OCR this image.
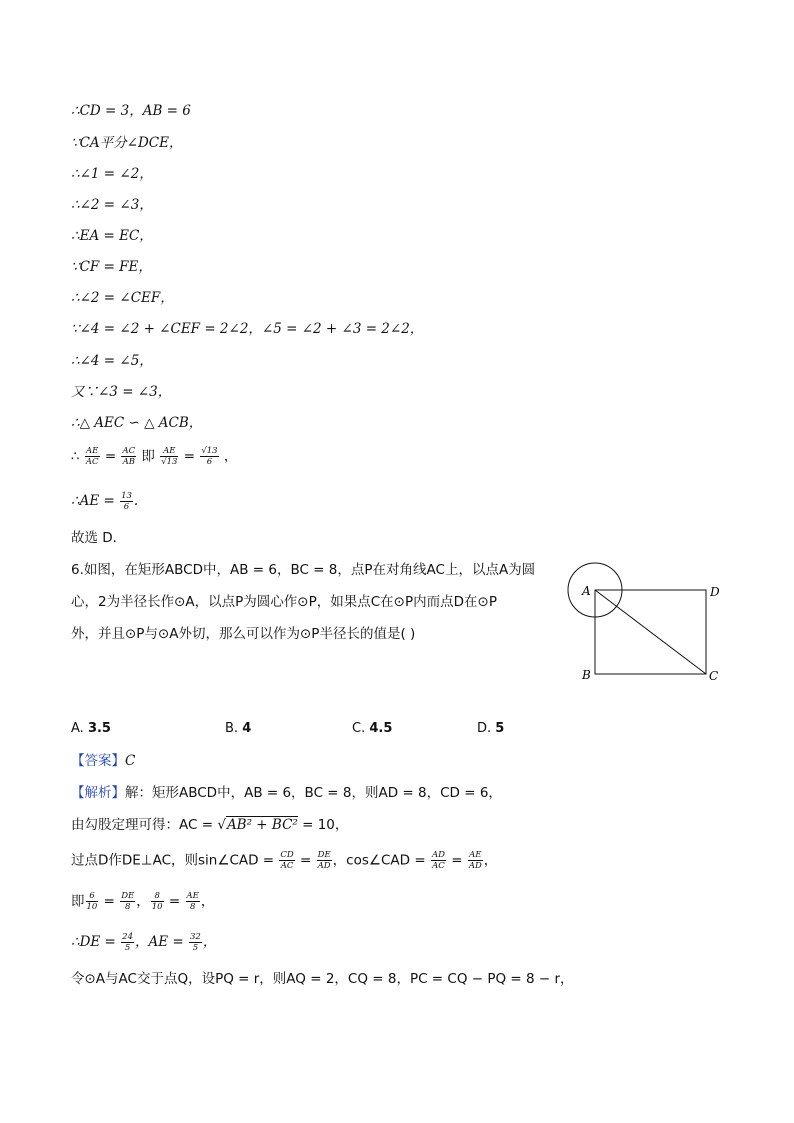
∴CD = 3，AB = 6
∵CA平分∠DCE，
∴∠1 = ∠2，
∴∠2 = ∠3，
∴EA = EC，
∵CF = FE，
∴∠2 = ∠CEF，
∵∠4 = ∠2 + ∠CEF = 2∠2，∠5 = ∠2 + ∠3 = 2∠2，
∴∠4 = ∠5，
又∵∠3 = ∠3，
∴△ AEC ∽ △ ACB，
∴ $\frac{AE}{AC} = \frac{AC}{AB}$ 即 $\frac{AE}{√13} = \frac{√13}{6}$ ，
∴AE = $\frac{13}{6}$ .
故选 D．
6.如图，在矩形ABCD中，AB = 6，BC = 8，点P在对角线AC上，以点A为圆
心，2为半径长作⊙A，以点P为圆心作⊙P，如果点C在⊙P内而点D在⊙P
外，并且⊙P与⊙A外切，那么可以作为⊙P半径长的值是( )
A	D
B	C
A. 3.5	B. 4	C. 4.5	D. 5
【答案】C
【解析】解：矩形ABCD中，AB = 6，BC = 8，则AD = 8，CD = 6，
由勾股定理可得：AC = √AB² + BC² = 10，
过点D作DE⊥AC，则sin∠CAD = $\frac{CD}{AC} = \frac{DE}{AD}$ ，cos∠CAD = $\frac{AD}{AC} = \frac{AE}{AD}$ ，
即 $\frac{6}{10} = \frac{DE}{8}$ ， $\frac{8}{10} = \frac{AE}{8}$ ，
∴DE = $\frac{24}{5}$ ，AE = $\frac{32}{5}$ ，
令⊙A与AC交于点Q，设PQ = r，则AQ = 2，CQ = 8，PC = CQ − PQ = 8 − r，
